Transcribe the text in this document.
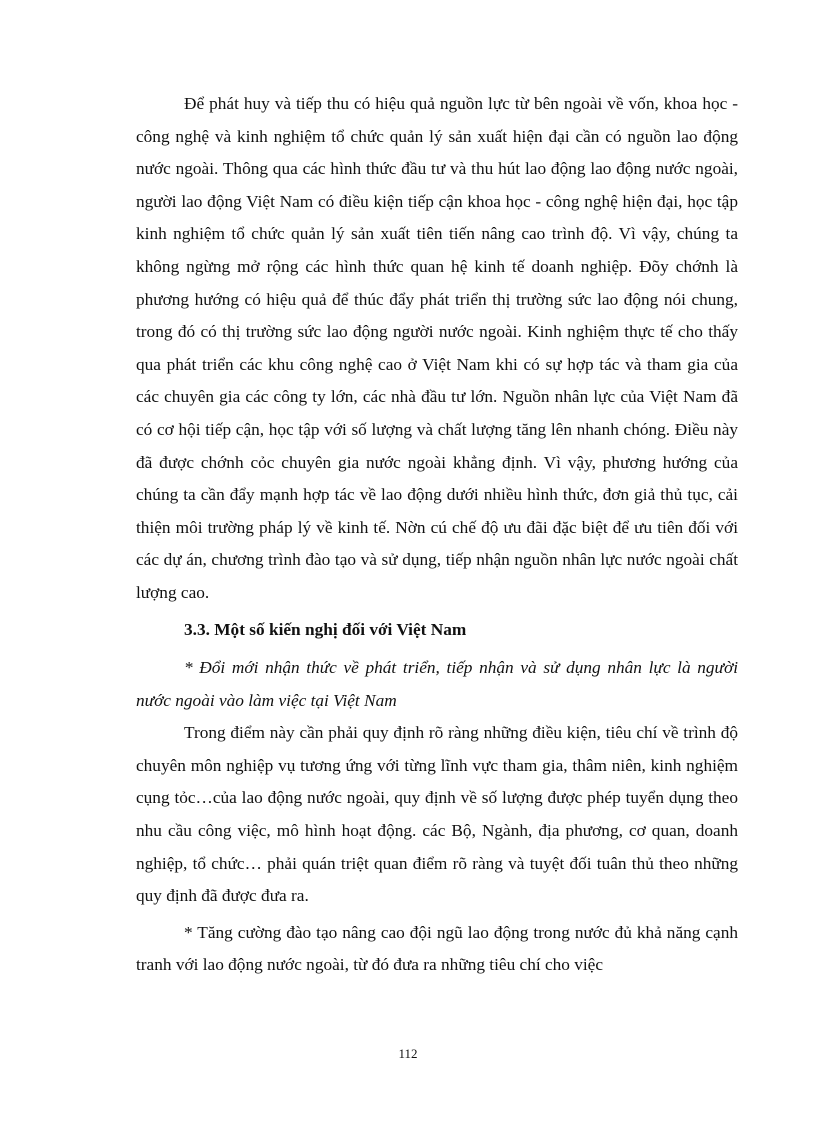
Để phát huy và tiếp thu có hiệu quả nguồn lực từ bên ngoài về vốn, khoa học - công nghệ và kinh nghiệm tổ chức quản lý sản xuất hiện đại cần có nguồn lao động nước ngoài. Thông qua các hình thức đầu tư và thu hút lao động lao động nước ngoài, người lao động Việt Nam có điều kiện tiếp cận khoa học - công nghệ hiện đại, học tập kinh nghiệm tổ chức quản lý sản xuất tiên tiến nâng cao trình độ. Vì vậy, chúng ta không ngừng mở rộng các hình thức quan hệ kinh tế doanh nghiệp. Đõy chớnh là phương hướng có hiệu quả để thúc đẩy phát triển thị trường sức lao động nói chung, trong đó có thị trường sức lao động người nước ngoài. Kinh nghiệm thực tế cho thấy qua phát triển các khu công nghệ cao ở Việt Nam khi có sự hợp tác và tham gia của các chuyên gia các công ty lớn, các nhà đầu tư lớn. Nguồn nhân lực của Việt Nam đã có cơ hội tiếp cận, học tập với số lượng và chất lượng tăng lên nhanh chóng. Điều này đã được chớnh cỏc chuyên gia nước ngoài khẳng định. Vì vậy, phương hướng của chúng ta cần đẩy mạnh hợp tác về lao động dưới nhiều hình thức, đơn giả thủ tục, cải thiện môi trường pháp lý về kinh tế. Nờn cú chế độ ưu đãi đặc biệt để ưu tiên đối với các dự án, chương trình đào tạo và sử dụng, tiếp nhận nguồn nhân lực nước ngoài chất lượng cao.

3.3. Một số kiến nghị đối với Việt Nam

* Đổi mới nhận thức về phát triển, tiếp nhận và sử dụng nhân lực là người nước ngoài vào làm việc tại Việt Nam

Trong điểm này cần phải quy định rõ ràng những điều kiện, tiêu chí về trình độ chuyên môn nghiệp vụ tương ứng với từng lĩnh vực tham gia, thâm niên, kinh nghiệm cụng tỏc…của lao động nước ngoài, quy định về số lượng được phép tuyển dụng theo nhu cầu công việc, mô hình hoạt động. các Bộ, Ngành, địa phương, cơ quan, doanh nghiệp, tổ chức… phải quán triệt quan điểm rõ ràng và tuyệt đối tuân thủ theo những quy định đã được đưa ra.

* Tăng cường đào tạo nâng cao đội ngũ lao động trong nước đủ khả năng cạnh tranh với lao động nước ngoài, từ đó đưa ra những tiêu chí cho việc

112
